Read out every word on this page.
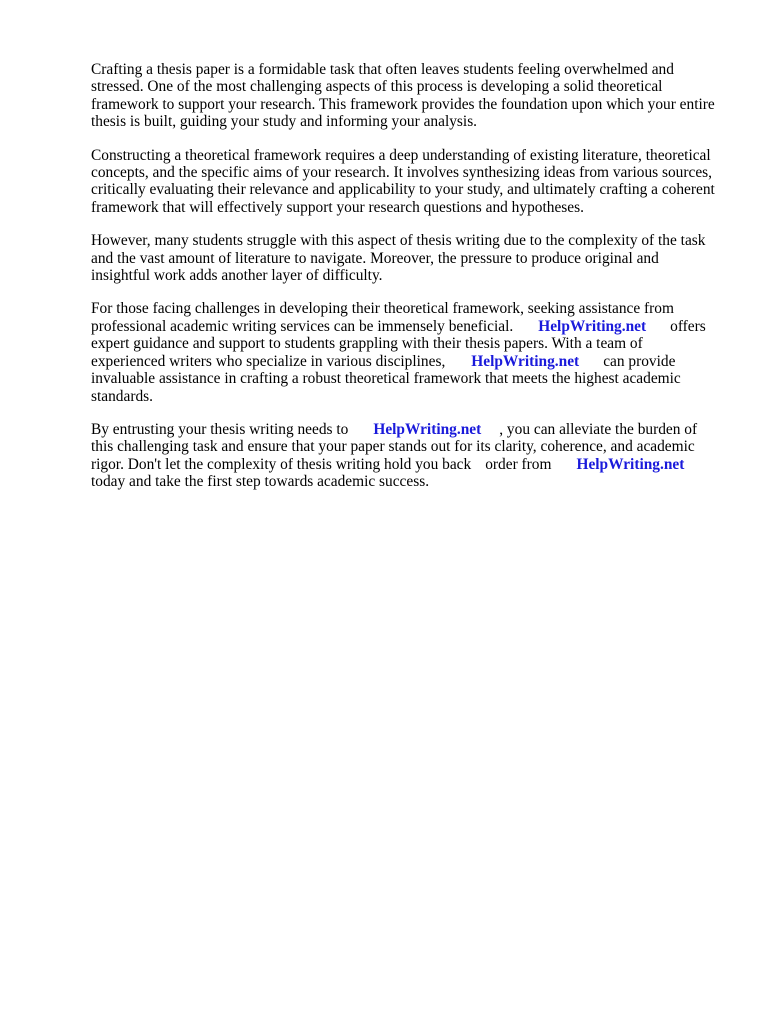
Crafting a thesis paper is a formidable task that often leaves students feeling overwhelmed and
stressed. One of the most challenging aspects of this process is developing a solid theoretical
framework to support your research. This framework provides the foundation upon which your entire
thesis is built, guiding your study and informing your analysis.

Constructing a theoretical framework requires a deep understanding of existing literature, theoretical
concepts, and the specific aims of your research. It involves synthesizing ideas from various sources,
critically evaluating their relevance and applicability to your study, and ultimately crafting a coherent
framework that will effectively support your research questions and hypotheses.

However, many students struggle with this aspect of thesis writing due to the complexity of the task
and the vast amount of literature to navigate. Moreover, the pressure to produce original and
insightful work adds another layer of difficulty.

For those facing challenges in developing their theoretical framework, seeking assistance from
professional academic writing services can be immensely beneficial. HelpWriting.net offers
expert guidance and support to students grappling with their thesis papers. With a team of
experienced writers who specialize in various disciplines, HelpWriting.net can provide
invaluable assistance in crafting a robust theoretical framework that meets the highest academic
standards.

By entrusting your thesis writing needs to HelpWriting.net , you can alleviate the burden of
this challenging task and ensure that your paper stands out for its clarity, coherence, and academic
rigor. Don't let the complexity of thesis writing hold you back order from HelpWriting.net
today and take the first step towards academic success.
